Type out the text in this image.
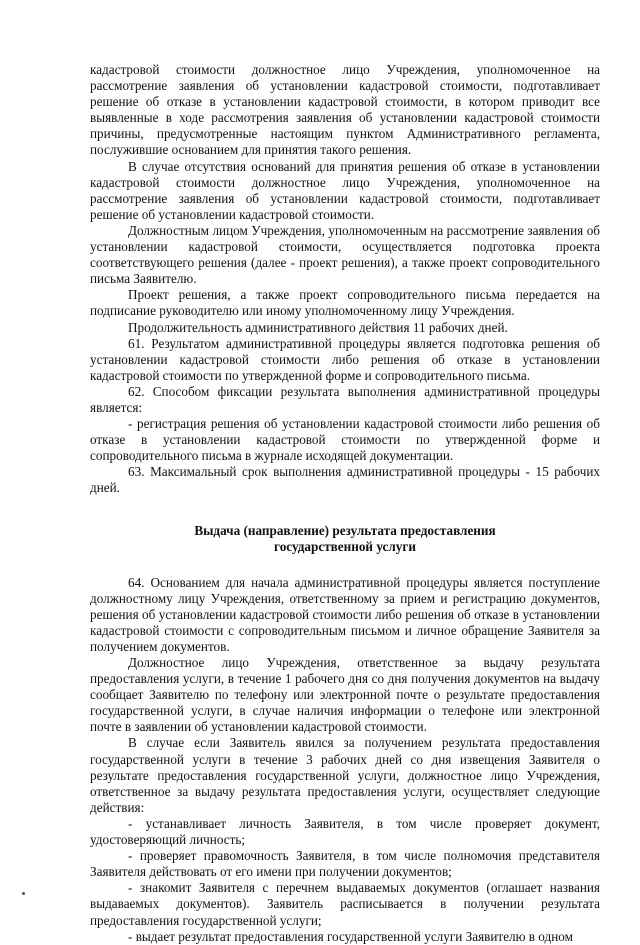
кадастровой стоимости должностное лицо Учреждения, уполномоченное на рассмотрение заявления об установлении кадастровой стоимости, подготавливает решение об отказе в установлении кадастровой стоимости, в котором приводит все выявленные в ходе рассмотрения заявления об установлении кадастровой стоимости причины, предусмотренные настоящим пунктом Административного регламента, послужившие основанием для принятия такого решения.

В случае отсутствия оснований для принятия решения об отказе в установлении кадастровой стоимости должностное лицо Учреждения, уполномоченное на рассмотрение заявления об установлении кадастровой стоимости, подготавливает решение об установлении кадастровой стоимости.

Должностным лицом Учреждения, уполномоченным на рассмотрение заявления об установлении кадастровой стоимости, осуществляется подготовка проекта соответствующего решения (далее - проект решения), а также проект сопроводительного письма Заявителю.

Проект решения, а также проект сопроводительного письма передается на подписание руководителю или иному уполномоченному лицу Учреждения.

Продолжительность административного действия 11 рабочих дней.

61. Результатом административной процедуры является подготовка решения об установлении кадастровой стоимости либо решения об отказе в установлении кадастровой стоимости по утвержденной форме и сопроводительного письма.

62. Способом фиксации результата выполнения административной процедуры является:

- регистрация решения об установлении кадастровой стоимости либо решения об отказе в установлении кадастровой стоимости по утвержденной форме и сопроводительного письма в журнале исходящей документации.

63. Максимальный срок выполнения административной процедуры - 15 рабочих дней.

Выдача (направление) результата предоставления
государственной услуги

64. Основанием для начала административной процедуры является поступление должностному лицу Учреждения, ответственному за прием и регистрацию документов, решения об установлении кадастровой стоимости либо решения об отказе в установлении кадастровой стоимости с сопроводительным письмом и личное обращение Заявителя за получением документов.

Должностное лицо Учреждения, ответственное за выдачу результата предоставления услуги, в течение 1 рабочего дня со дня получения документов на выдачу сообщает Заявителю по телефону или электронной почте о результате предоставления государственной услуги, в случае наличия информации о телефоне или электронной почте в заявлении об установлении кадастровой стоимости.

В случае если Заявитель явился за получением результата предоставления государственной услуги в течение 3 рабочих дней со дня извещения Заявителя о результате предоставления государственной услуги, должностное лицо Учреждения, ответственное за выдачу результата предоставления услуги, осуществляет следующие действия:

- устанавливает личность Заявителя, в том числе проверяет документ, удостоверяющий личность;

- проверяет правомочность Заявителя, в том числе полномочия представителя Заявителя действовать от его имени при получении документов;

- знакомит Заявителя с перечнем выдаваемых документов (оглашает названия выдаваемых документов). Заявитель расписывается в получении результата предоставления государственной услуги;

- выдает результат предоставления государственной услуги Заявителю в одном
